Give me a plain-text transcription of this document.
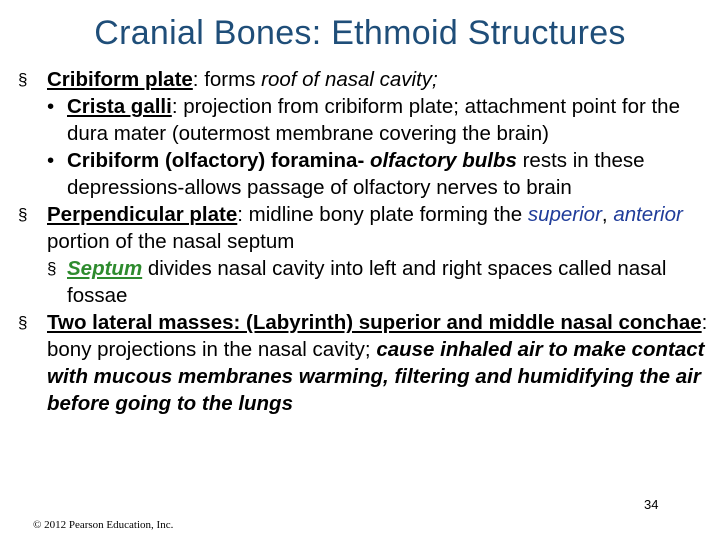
Cranial Bones: Ethmoid Structures

§ Cribiform plate: forms roof of nasal cavity;

• Crista galli: projection from cribiform plate; attachment point for the dura mater (outermost membrane covering the brain)

• Cribiform (olfactory) foramina- olfactory bulbs rests in these depressions-allows passage of olfactory nerves to brain

§ Perpendicular plate: midline bony plate forming the superior, anterior portion of the nasal septum

§ Septum divides nasal cavity into left and right spaces called nasal fossae

§ Two lateral masses: (Labyrinth) superior and middle nasal conchae: bony projections in the nasal cavity; cause inhaled air to make contact with mucous membranes warming, filtering and humidifying the air before going to the lungs

34
© 2012 Pearson Education, Inc.
